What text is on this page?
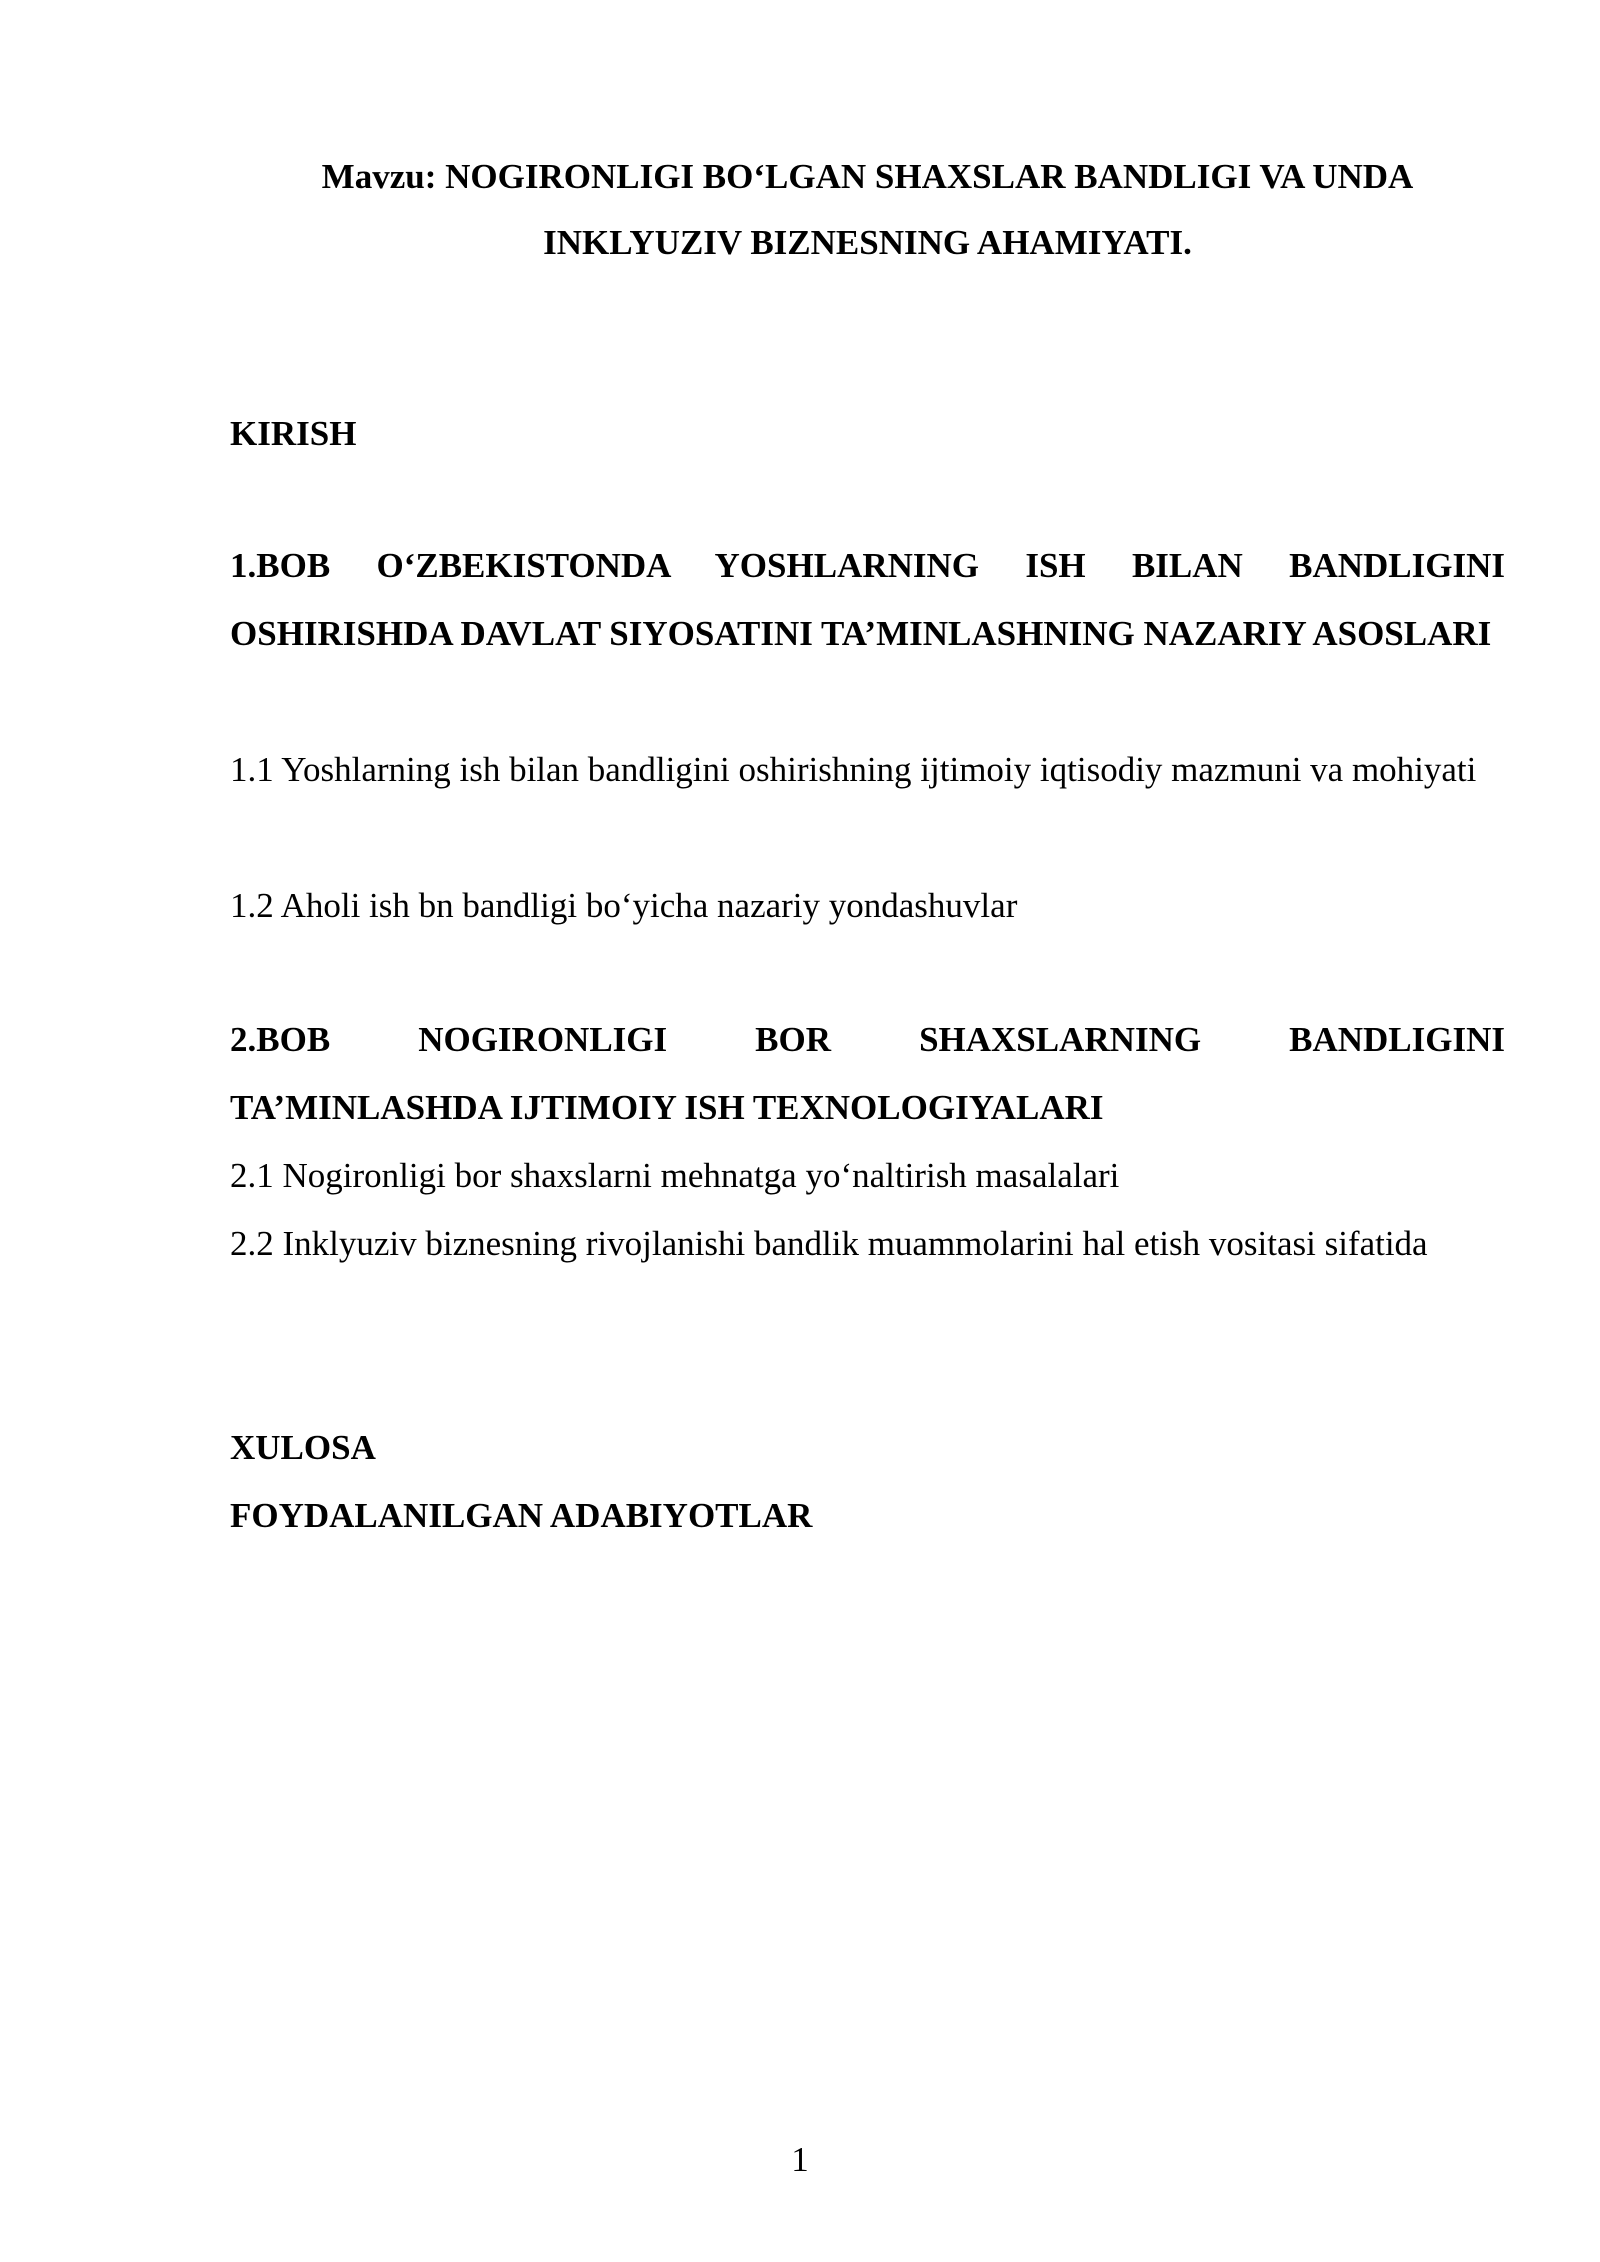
Mavzu: NOGIRONLIGI BO‘LGAN SHAXSLAR BANDLIGI VA UNDA
INKLYUZIV BIZNESNING AHAMIYATI.
KIRISH
1.BOB O‘ZBEKISTONDA YOSHLARNING ISH BILAN BANDLIGINI OSHIRISHDA DAVLAT SIYOSATINI TA’MINLASHNING NAZARIY ASOSLARI
1.1 Yoshlarning ish bilan bandligini oshirishning ijtimoiy iqtisodiy mazmuni va mohiyati
1.2 Aholi ish bn bandligi bo‘yicha nazariy yondashuvlar
2.BOB NOGIRONLIGI BOR SHAXSLARNING BANDLIGINI
TA’MINLASHDA IJTIMOIY ISH TEXNOLOGIYALARI
2.1 Nogironligi bor shaxslarni mehnatga yo‘naltirish masalalari
2.2 Inklyuziv biznesning rivojlanishi bandlik muammolarini hal etish vositasi sifatida
XULOSA
FOYDALANILGAN ADABIYOTLAR
1
